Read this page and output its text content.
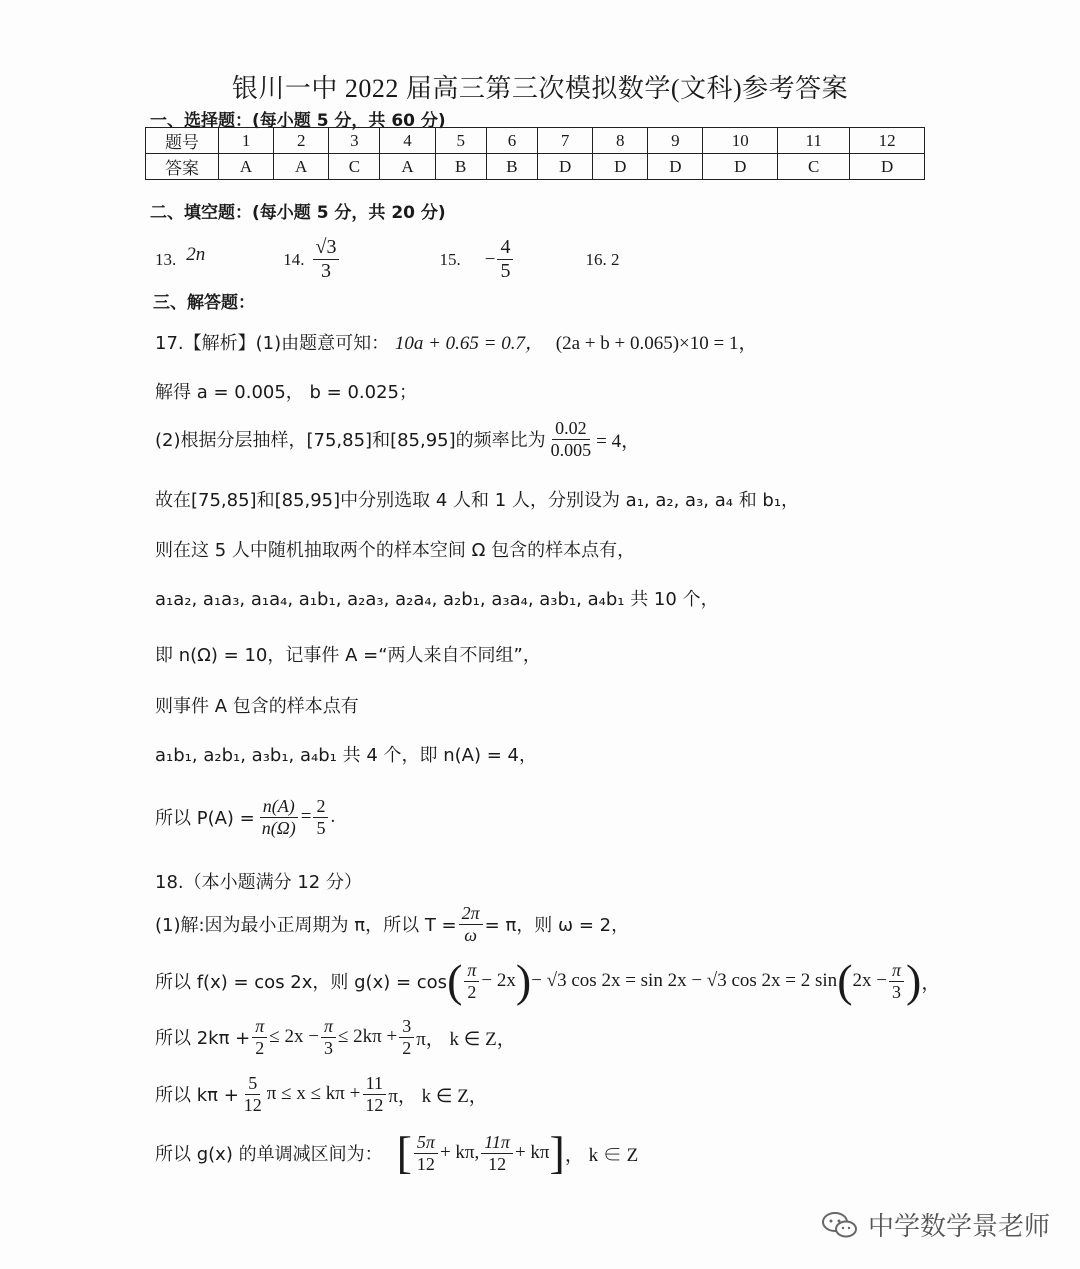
银川一中 2022 届高三第三次模拟数学(文科)参考答案
一、选择题：(每小题 5 分，共 60 分)
题号	1	2	3	4	5	6	7	8	9	10	11	12
答案	A	A	C	A	B	B	D	D	D	D	C	D
二、填空题：(每小题 5 分，共 20 分)
13. 2n	14. $\frac{√3}{3}$	15. − $\frac{4}{5}$	16. 2
三、解答题：
17.【解析】(1)由题意可知： 10a + 0.65 = 0.7， (2a + b + 0.065)×10 = 1，
解得 a = 0.005， b = 0.025；
(2)根据分层抽样，[75,85]和[85,95]的频率比为 $\frac{0.02}{0.005} = 4$，
故在[75,85]和[85,95]中分别选取 4 人和 1 人，分别设为 a₁, a₂, a₃, a₄ 和 b₁，
则在这 5 人中随机抽取两个的样本空间 Ω 包含的样本点有，
a₁a₂, a₁a₃, a₁a₄, a₁b₁, a₂a₃, a₂a₄, a₂b₁, a₃a₄, a₃b₁, a₄b₁ 共 10 个，
即 n(Ω) = 10，记事件 A =“两人来自不同组”，
则事件 A 包含的样本点有
a₁b₁, a₂b₁, a₃b₁, a₄b₁ 共 4 个，即 n(A) = 4，
所以 $P(A) = \frac{n(A)}{n(\Omega)} = \frac{2}{5}$ .
18.（本小题满分 12 分）
(1)解:因为最小正周期为 π，所以 $T = \frac{2\pi}{\omega} = \pi$，则 ω = 2，
所以 f(x) = cos 2x，则 g(x) = cos ( $\frac{\pi}{2} - 2x$ ) − √3 cos 2x = sin 2x − √3 cos 2x = 2 sin ( $2x - \frac{\pi}{3}$ ) ，
所以 $2k\pi + \frac{\pi}{2} \le 2x - \frac{\pi}{3} \le 2k\pi + \frac{3}{2}$ π， k ∈ Z，
所以 $k\pi + \frac{5}{12}$ $\pi \le x \le k\pi + \frac{11}{12}$ π， k ∈ Z，
所以 g(x) 的单调减区间为： [ $\frac{5\pi}{12} + k\pi$, $\frac{11\pi}{12} + k\pi$ ] ， k ∈ Z
中学数学景老师
